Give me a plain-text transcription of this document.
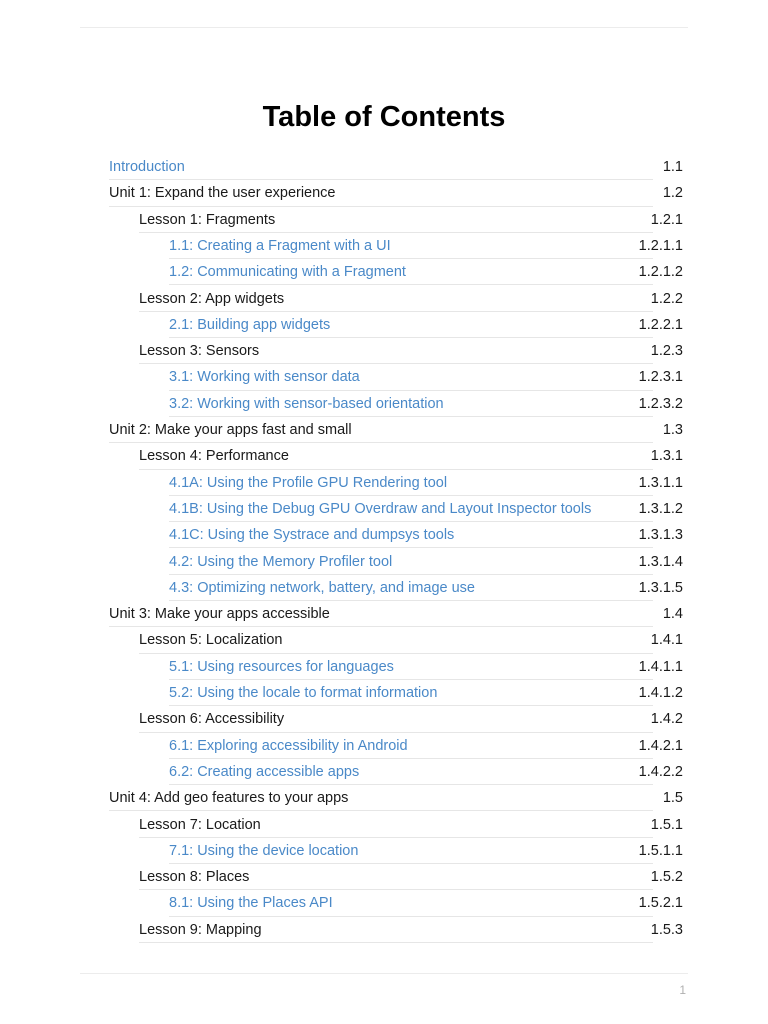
Table of Contents
Introduction	1.1
Unit 1: Expand the user experience	1.2
Lesson 1: Fragments	1.2.1
1.1: Creating a Fragment with a UI	1.2.1.1
1.2: Communicating with a Fragment	1.2.1.2
Lesson 2: App widgets	1.2.2
2.1: Building app widgets	1.2.2.1
Lesson 3: Sensors	1.2.3
3.1: Working with sensor data	1.2.3.1
3.2: Working with sensor-based orientation	1.2.3.2
Unit 2: Make your apps fast and small	1.3
Lesson 4: Performance	1.3.1
4.1A: Using the Profile GPU Rendering tool	1.3.1.1
4.1B: Using the Debug GPU Overdraw and Layout Inspector tools	1.3.1.2
4.1C: Using the Systrace and dumpsys tools	1.3.1.3
4.2: Using the Memory Profiler tool	1.3.1.4
4.3: Optimizing network, battery, and image use	1.3.1.5
Unit 3: Make your apps accessible	1.4
Lesson 5: Localization	1.4.1
5.1: Using resources for languages	1.4.1.1
5.2: Using the locale to format information	1.4.1.2
Lesson 6: Accessibility	1.4.2
6.1: Exploring accessibility in Android	1.4.2.1
6.2: Creating accessible apps	1.4.2.2
Unit 4: Add geo features to your apps	1.5
Lesson 7: Location	1.5.1
7.1: Using the device location	1.5.1.1
Lesson 8: Places	1.5.2
8.1: Using the Places API	1.5.2.1
Lesson 9: Mapping	1.5.3
1
